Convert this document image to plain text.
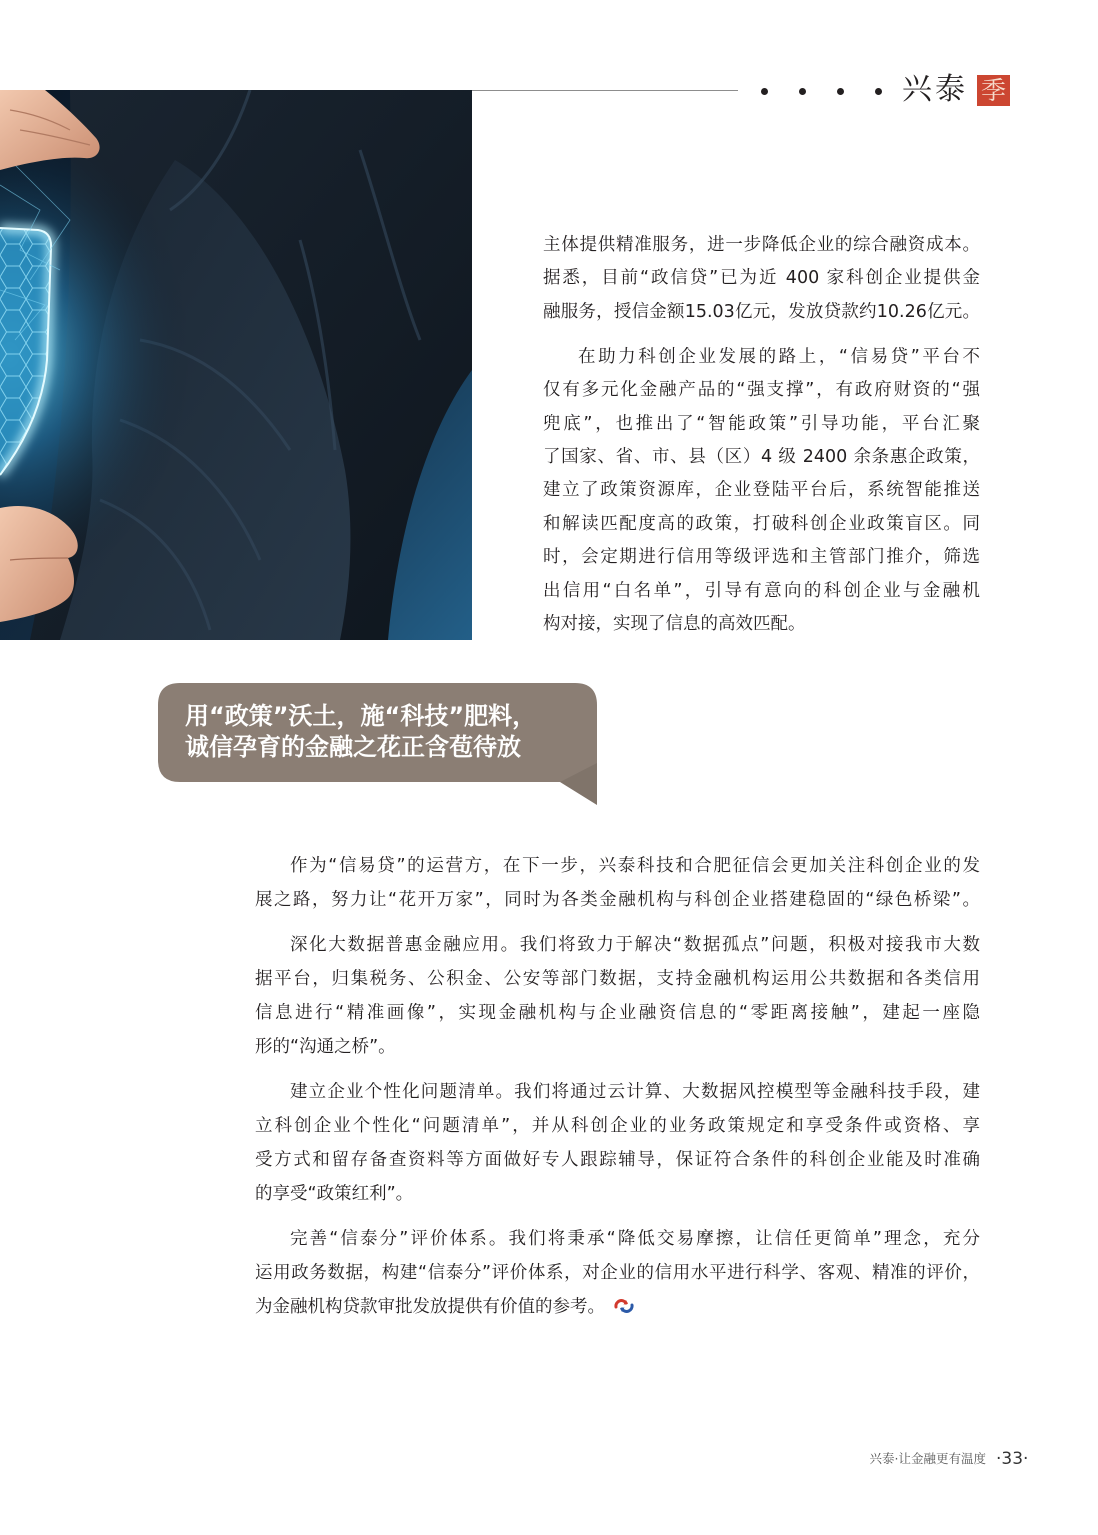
兴泰 季
主体提供精准服务，进一步降低企业的综合融资成本。
据悉，目前“政信贷”已为近 400 家科创企业提供金
融服务，授信金额15.03亿元，发放贷款约10.26亿元。
在助力科创企业发展的路上，“信易贷”平台不
仅有多元化金融产品的“强支撑”，有政府财资的“强
兜底”，也推出了“智能政策”引导功能，平台汇聚
了国家、省、市、县（区）4 级 2400 余条惠企政策，
建立了政策资源库，企业登陆平台后，系统智能推送
和解读匹配度高的政策，打破科创企业政策盲区。同
时，会定期进行信用等级评选和主管部门推介，筛选
出信用“白名单”，引导有意向的科创企业与金融机
构对接，实现了信息的高效匹配。
用“政策”沃土，施“科技”肥料，
诚信孕育的金融之花正含苞待放
作为“信易贷”的运营方，在下一步，兴泰科技和合肥征信会更加关注科创企业的发
展之路，努力让“花开万家”，同时为各类金融机构与科创企业搭建稳固的“绿色桥梁”。
深化大数据普惠金融应用。我们将致力于解决“数据孤点”问题，积极对接我市大数
据平台，归集税务、公积金、公安等部门数据，支持金融机构运用公共数据和各类信用
信息进行“精准画像”，实现金融机构与企业融资信息的“零距离接触”，建起一座隐
形的“沟通之桥”。
建立企业个性化问题清单。我们将通过云计算、大数据风控模型等金融科技手段，建
立科创企业个性化“问题清单”，并从科创企业的业务政策规定和享受条件或资格、享
受方式和留存备查资料等方面做好专人跟踪辅导，保证符合条件的科创企业能及时准确
的享受“政策红利”。
完善“信泰分”评价体系。我们将秉承“降低交易摩擦，让信任更简单”理念，充分
运用政务数据，构建“信泰分”评价体系，对企业的信用水平进行科学、客观、精准的评价，
为金融机构贷款审批发放提供有价值的参考。
兴泰·让金融更有温度 ·33·
